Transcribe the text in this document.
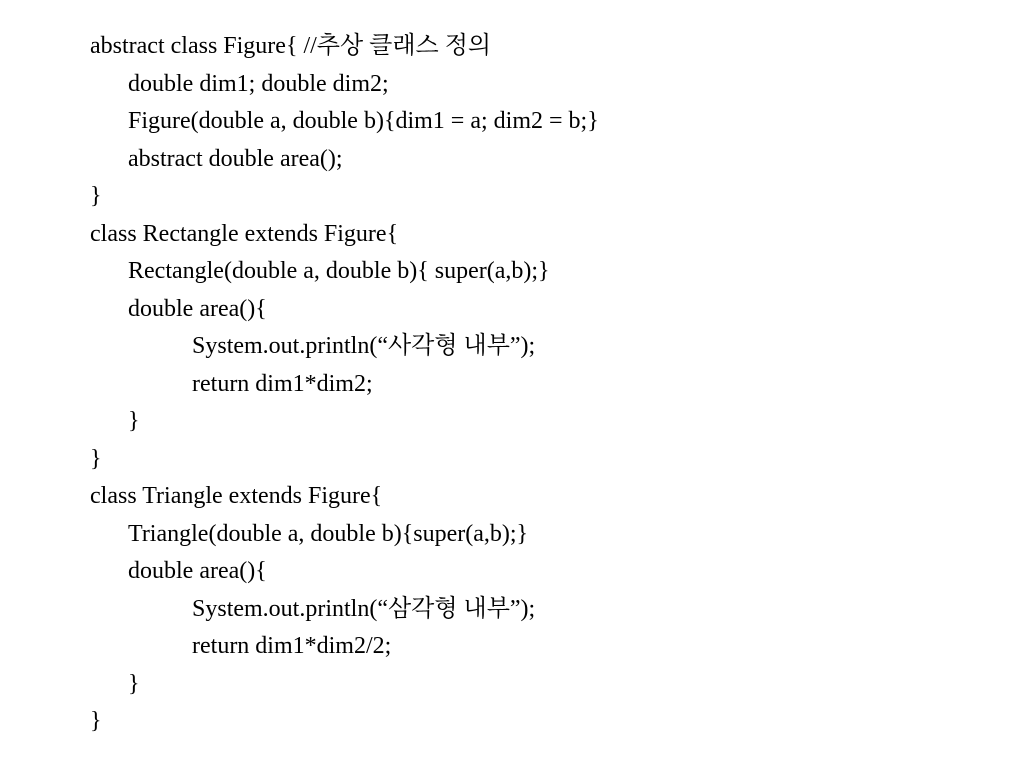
abstract class Figure{ //추상 클래스 정의
double dim1; double dim2;
Figure(double a, double b){dim1 = a; dim2 = b;}
abstract double area();
}
class Rectangle extends Figure{
Rectangle(double a, double b){ super(a,b);}
double area(){
System.out.println(“사각형 내부”);
return dim1*dim2;
}
}
class Triangle extends Figure{
Triangle(double a, double b){super(a,b);}
double area(){
System.out.println(“삼각형 내부”);
return dim1*dim2/2;
}
}
